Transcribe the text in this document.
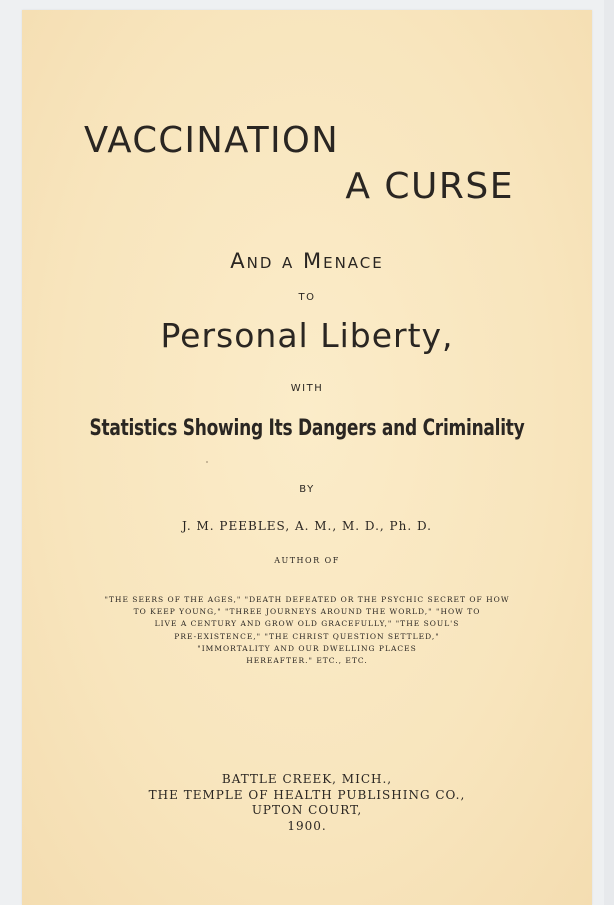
VACCINATION
A CURSE
And a Menace
TO
Personal Liberty,
WITH
Statistics Showing Its Dangers and Criminality
BY
J. M. PEEBLES, A. M., M. D., Ph. D.
AUTHOR OF
"THE SEERS OF THE AGES," "DEATH DEFEATED OR THE PSYCHIC SECRET OF HOW
TO KEEP YOUNG," "THREE JOURNEYS AROUND THE WORLD," "HOW TO
LIVE A CENTURY AND GROW OLD GRACEFULLY," "THE SOUL'S
PRE-EXISTENCE," "THE CHRIST QUESTION SETTLED,"
"IMMORTALITY AND OUR DWELLING PLACES
HEREAFTER." ETC., ETC.
BATTLE CREEK, MICH.,
THE TEMPLE OF HEALTH PUBLISHING CO.,
UPTON COURT,
1900.
